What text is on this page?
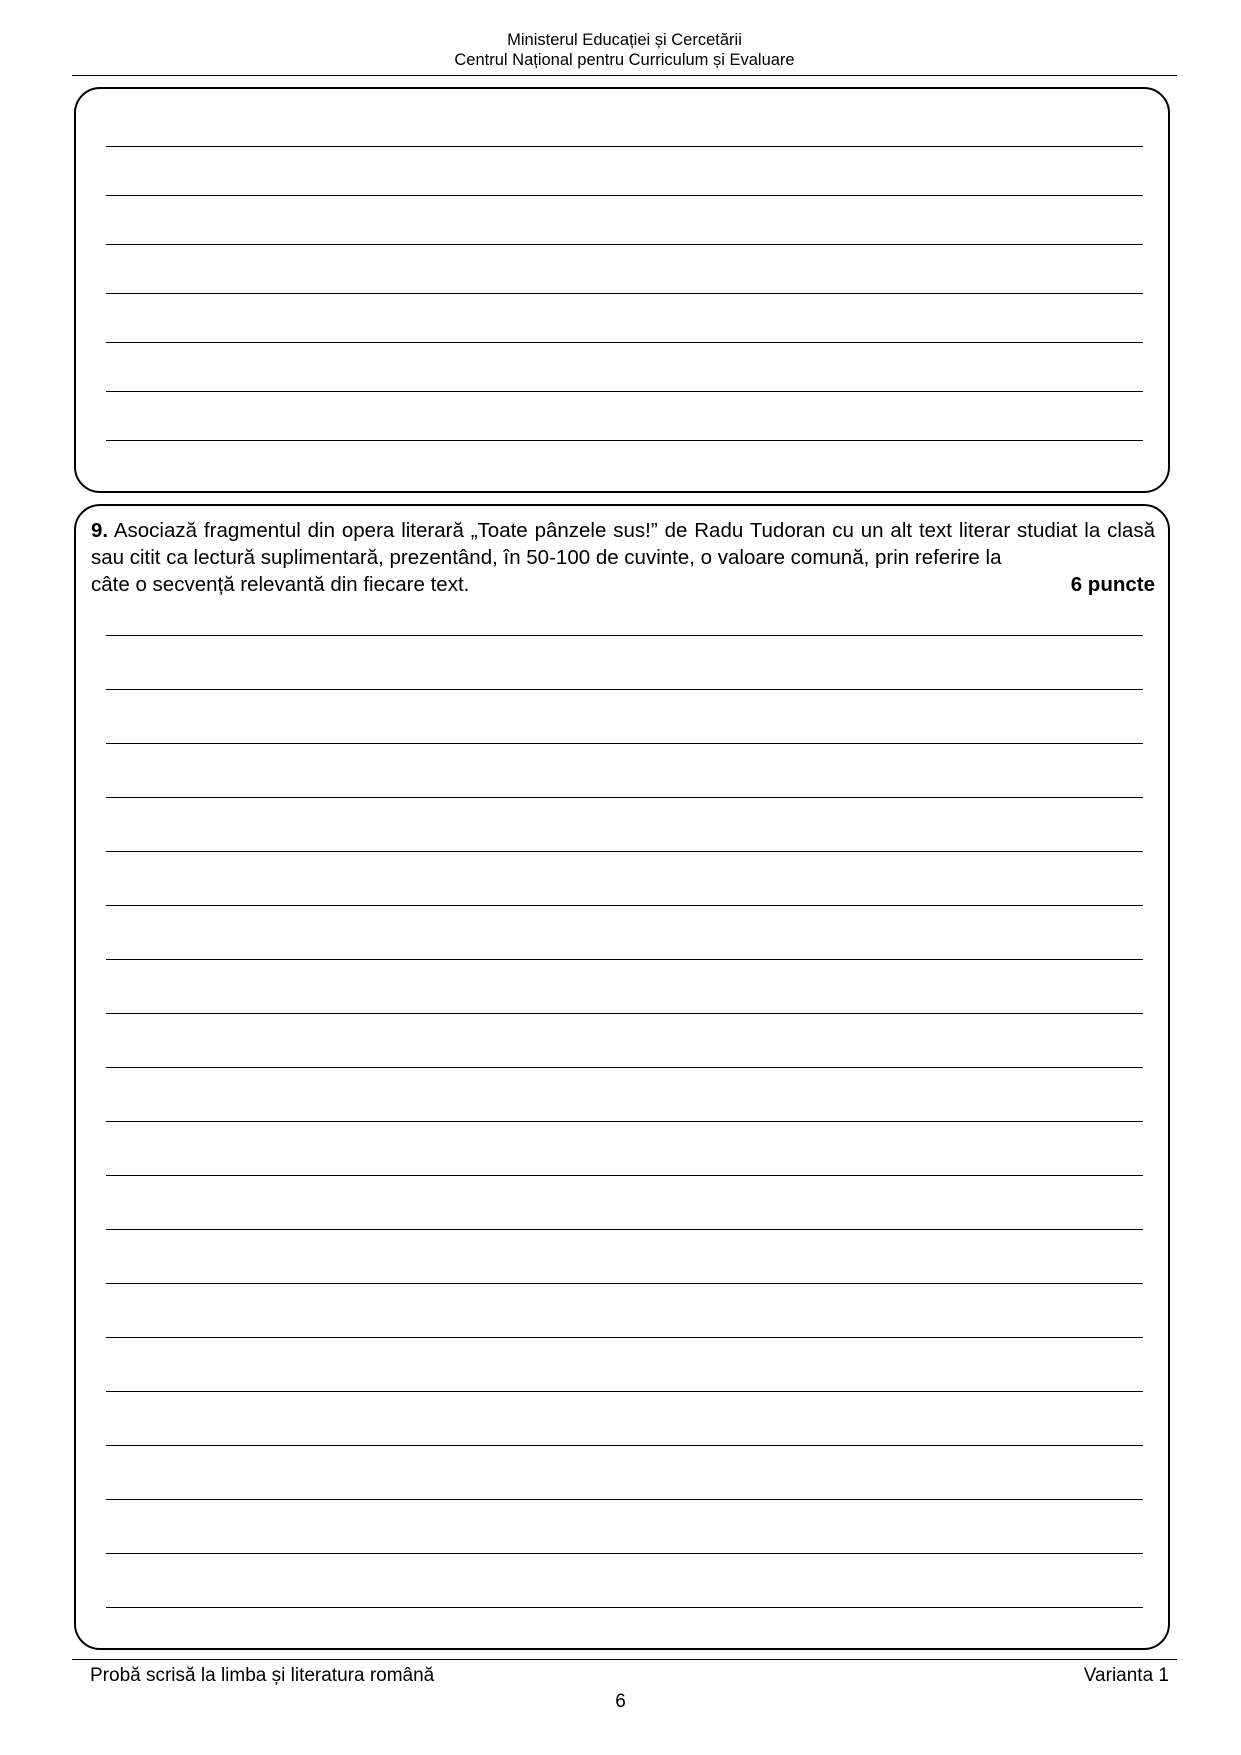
Ministerul Educației și Cercetării
Centrul Național pentru Curriculum și Evaluare
9. Asociază fragmentul din opera literară „Toate pânzele sus!” de Radu Tudoran cu un alt text literar studiat la clasă sau citit ca lectură suplimentară, prezentând, în 50-100 de cuvinte, o valoare comună, prin referire la
câte o secvență relevantă din fiecare text.	6 puncte
Probă scrisă la limba și literatura română	Varianta 1
6
